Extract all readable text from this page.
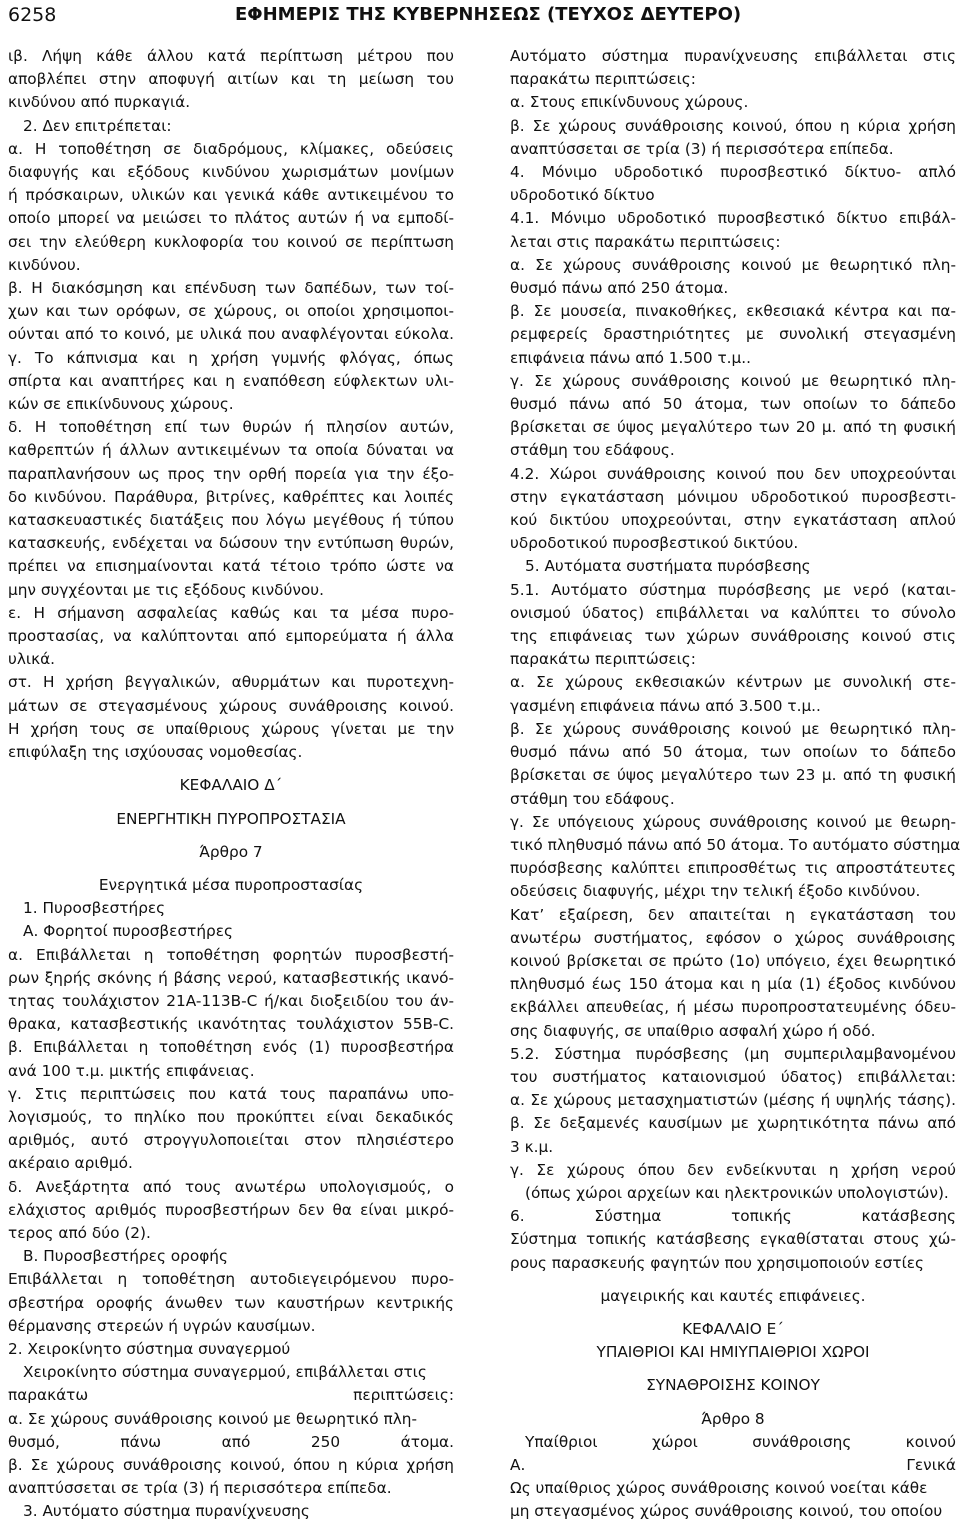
6258	ΕΦΗΜΕΡΙΣ ΤΗΣ ΚΥΒΕΡΝΗΣΕΩΣ (ΤΕΥΧΟΣ ΔΕΥΤΕΡΟ)

ιβ. Λήψη κάθε άλλου κατά περίπτωση μέτρου που

αποβλέπει στην αποφυγή αιτίων και τη μείωση του

κινδύνου από πυρκαγιά.

2. Δεν επιτρέπεται:

α. Η τοποθέτηση σε διαδρόμους, κλίμακες, οδεύσεις

διαφυγής και εξόδους κινδύνου χωρισμάτων μονίμων

ή πρόσκαιρων, υλικών και γενικά κάθε αντικειμένου το

οποίο μπορεί να μειώσει το πλάτος αυτών ή να εμποδί-

σει την ελεύθερη κυκλοφορία του κοινού σε περίπτωση

κινδύνου.

β. Η διακόσμηση και επένδυση των δαπέδων, των τοί-

χων και των ορόφων, σε χώρους, οι οποίοι χρησιμοποι-

ούνται από το κοινό, με υλικά που αναφλέγονται εύκολα.

γ. Το κάπνισμα και η χρήση γυμνής φλόγας, όπως

σπίρτα και αναπτήρες και η εναπόθεση εύφλεκτων υλι-

κών σε επικίνδυνους χώρους.

δ. Η τοποθέτηση επί των θυρών ή πλησίον αυτών,

καθρεπτών ή άλλων αντικειμένων τα οποία δύναται να

παραπλανήσουν ως προς την ορθή πορεία για την έξο-

δο κινδύνου. Παράθυρα, βιτρίνες, καθρέπτες και λοιπές

κατασκευαστικές διατάξεις που λόγω μεγέθους ή τύπου

κατασκευής, ενδέχεται να δώσουν την εντύπωση θυρών,

πρέπει να επισημαίνονται κατά τέτοιο τρόπο ώστε να

μην συγχέονται με τις εξόδους κινδύνου.

ε. Η σήμανση ασφαλείας καθώς και τα μέσα πυρο-

προστασίας, να καλύπτονται από εμπορεύματα ή άλλα

υλικά.

στ. Η χρήση βεγγαλικών, αθυρμάτων και πυροτεχνη-

μάτων σε στεγασμένους χώρους συνάθροισης κοινού.

Η χρήση τους σε υπαίθριους χώρους γίνεται με την

επιφύλαξη της ισχύουσας νομοθεσίας.

ΚΕΦΑΛΑΙΟ Δ΄

ΕΝΕΡΓΗΤΙΚΗ ΠΥΡΟΠΡΟΣΤΑΣΙΑ

Άρθρο 7

Ενεργητικά μέσα πυροπροστασίας

1. Πυροσβεστήρες

Α. Φορητοί πυροσβεστήρες

α. Επιβάλλεται η τοποθέτηση φορητών πυροσβεστή-

ρων ξηρής σκόνης ή βάσης νερού, κατασβεστικής ικανό-

τητας τουλάχιστον 21A-113B-C ή/και διοξειδίου του άν-

θρακα, κατασβεστικής ικανότητας τουλάχιστον 55B-C.

β. Επιβάλλεται η τοποθέτηση ενός (1) πυροσβεστήρα

ανά 100 τ.μ. μικτής επιφάνειας.

γ. Στις περιπτώσεις που κατά τους παραπάνω υπο-

λογισμούς, το πηλίκο που προκύπτει είναι δεκαδικός

αριθμός, αυτό στρογγυλοποιείται στον πλησιέστερο

ακέραιο αριθμό.

δ. Ανεξάρτητα από τους ανωτέρω υπολογισμούς, ο

ελάχιστος αριθμός πυροσβεστήρων δεν θα είναι μικρό-

τερος από δύο (2).

Β. Πυροσβεστήρες οροφής

Επιβάλλεται η τοποθέτηση αυτοδιεγειρόμενου πυρο-

σβεστήρα οροφής άνωθεν των καυστήρων κεντρικής

θέρμανσης στερεών ή υγρών καυσίμων.

2. Χειροκίνητο σύστημα συναγερμού

Χειροκίνητο σύστημα συναγερμού, επιβάλλεται στις

παρακάτω περιπτώσεις:

α. Σε χώρους συνάθροισης κοινού με θεωρητικό πλη-

θυσμό, πάνω από 250 άτομα.

β. Σε χώρους συνάθροισης κοινού, όπου η κύρια χρήση

αναπτύσσεται σε τρία (3) ή περισσότερα επίπεδα.

3. Αυτόματο σύστημα πυρανίχνευσης

Αυτόματο σύστημα πυρανίχνευσης επιβάλλεται στις

παρακάτω περιπτώσεις:

α. Στους επικίνδυνους χώρους.

β. Σε χώρους συνάθροισης κοινού, όπου η κύρια χρήση

αναπτύσσεται σε τρία (3) ή περισσότερα επίπεδα.

4. Μόνιμο υδροδοτικό πυροσβεστικό δίκτυο- απλό

υδροδοτικό δίκτυο

4.1. Μόνιμο υδροδοτικό πυροσβεστικό δίκτυο επιβάλ-

λεται στις παρακάτω περιπτώσεις:

α. Σε χώρους συνάθροισης κοινού με θεωρητικό πλη-

θυσμό πάνω από 250 άτομα.

β. Σε μουσεία, πινακοθήκες, εκθεσιακά κέντρα και πα-

ρεμφερείς δραστηριότητες με συνολική στεγασμένη

επιφάνεια πάνω από 1.500 τ.μ..

γ. Σε χώρους συνάθροισης κοινού με θεωρητικό πλη-

θυσμό πάνω από 50 άτομα, των οποίων το δάπεδο

βρίσκεται σε ύψος μεγαλύτερο των 20 μ. από τη φυσική

στάθμη του εδάφους.

4.2. Χώροι συνάθροισης κοινού που δεν υποχρεούνται

στην εγκατάσταση μόνιμου υδροδοτικού πυροσβεστι-

κού δικτύου υποχρεούνται, στην εγκατάσταση απλού

υδροδοτικού πυροσβεστικού δικτύου.

5. Αυτόματα συστήματα πυρόσβεσης

5.1. Αυτόματο σύστημα πυρόσβεσης με νερό (καται-

ονισμού ύδατος) επιβάλλεται να καλύπτει το σύνολο

της επιφάνειας των χώρων συνάθροισης κοινού στις

παρακάτω περιπτώσεις:

α. Σε χώρους εκθεσιακών κέντρων με συνολική στε-

γασμένη επιφάνεια πάνω από 3.500 τ.μ..

β. Σε χώρους συνάθροισης κοινού με θεωρητικό πλη-

θυσμό πάνω από 50 άτομα, των οποίων το δάπεδο

βρίσκεται σε ύψος μεγαλύτερο των 23 μ. από τη φυσική

στάθμη του εδάφους.

γ. Σε υπόγειους χώρους συνάθροισης κοινού με θεωρη-

τικό πληθυσμό πάνω από 50 άτομα. Το αυτόματο σύστημα

πυρόσβεσης καλύπτει επιπροσθέτως τις απροστάτευτες

οδεύσεις διαφυγής, μέχρι την τελική έξοδο κινδύνου.

Κατ’ εξαίρεση, δεν απαιτείται η εγκατάσταση του

ανωτέρω συστήματος, εφόσον ο χώρος συνάθροισης

κοινού βρίσκεται σε πρώτο (1ο) υπόγειο, έχει θεωρητικό

πληθυσμό έως 150 άτομα και η μία (1) έξοδος κινδύνου

εκβάλλει απευθείας, ή μέσω πυροπροστατευμένης όδευ-

σης διαφυγής, σε υπαίθριο ασφαλή χώρο ή οδό.

5.2. Σύστημα πυρόσβεσης (μη συμπεριλαμβανομένου

του συστήματος καταιονισμού ύδατος) επιβάλλεται:

α. Σε χώρους μετασχηματιστών (μέσης ή υψηλής τάσης).

β. Σε δεξαμενές καυσίμων με χωρητικότητα πάνω από

3 κ.μ.

γ. Σε χώρους όπου δεν ενδείκνυται η χρήση νερού

(όπως χώροι αρχείων και ηλεκτρονικών υπολογιστών).

6. Σύστημα τοπικής κατάσβεσης

Σύστημα τοπικής κατάσβεσης εγκαθίσταται στους χώ-

ρους παρασκευής φαγητών που χρησιμοποιούν εστίες

μαγειρικής και καυτές επιφάνειες.

ΚΕΦΑΛΑΙΟ Ε΄

ΥΠΑΙΘΡΙΟΙ ΚΑΙ ΗΜΙΥΠΑΙΘΡΙΟΙ ΧΩΡΟΙ

ΣΥΝΑΘΡΟΙΣΗΣ ΚΟΙΝΟΥ

Άρθρο 8

Υπαίθριοι χώροι συνάθροισης κοινού

Α. Γενικά

Ως υπαίθριος χώρος συνάθροισης κοινού νοείται κάθε

μη στεγασμένος χώρος συνάθροισης κοινού, του οποίου
